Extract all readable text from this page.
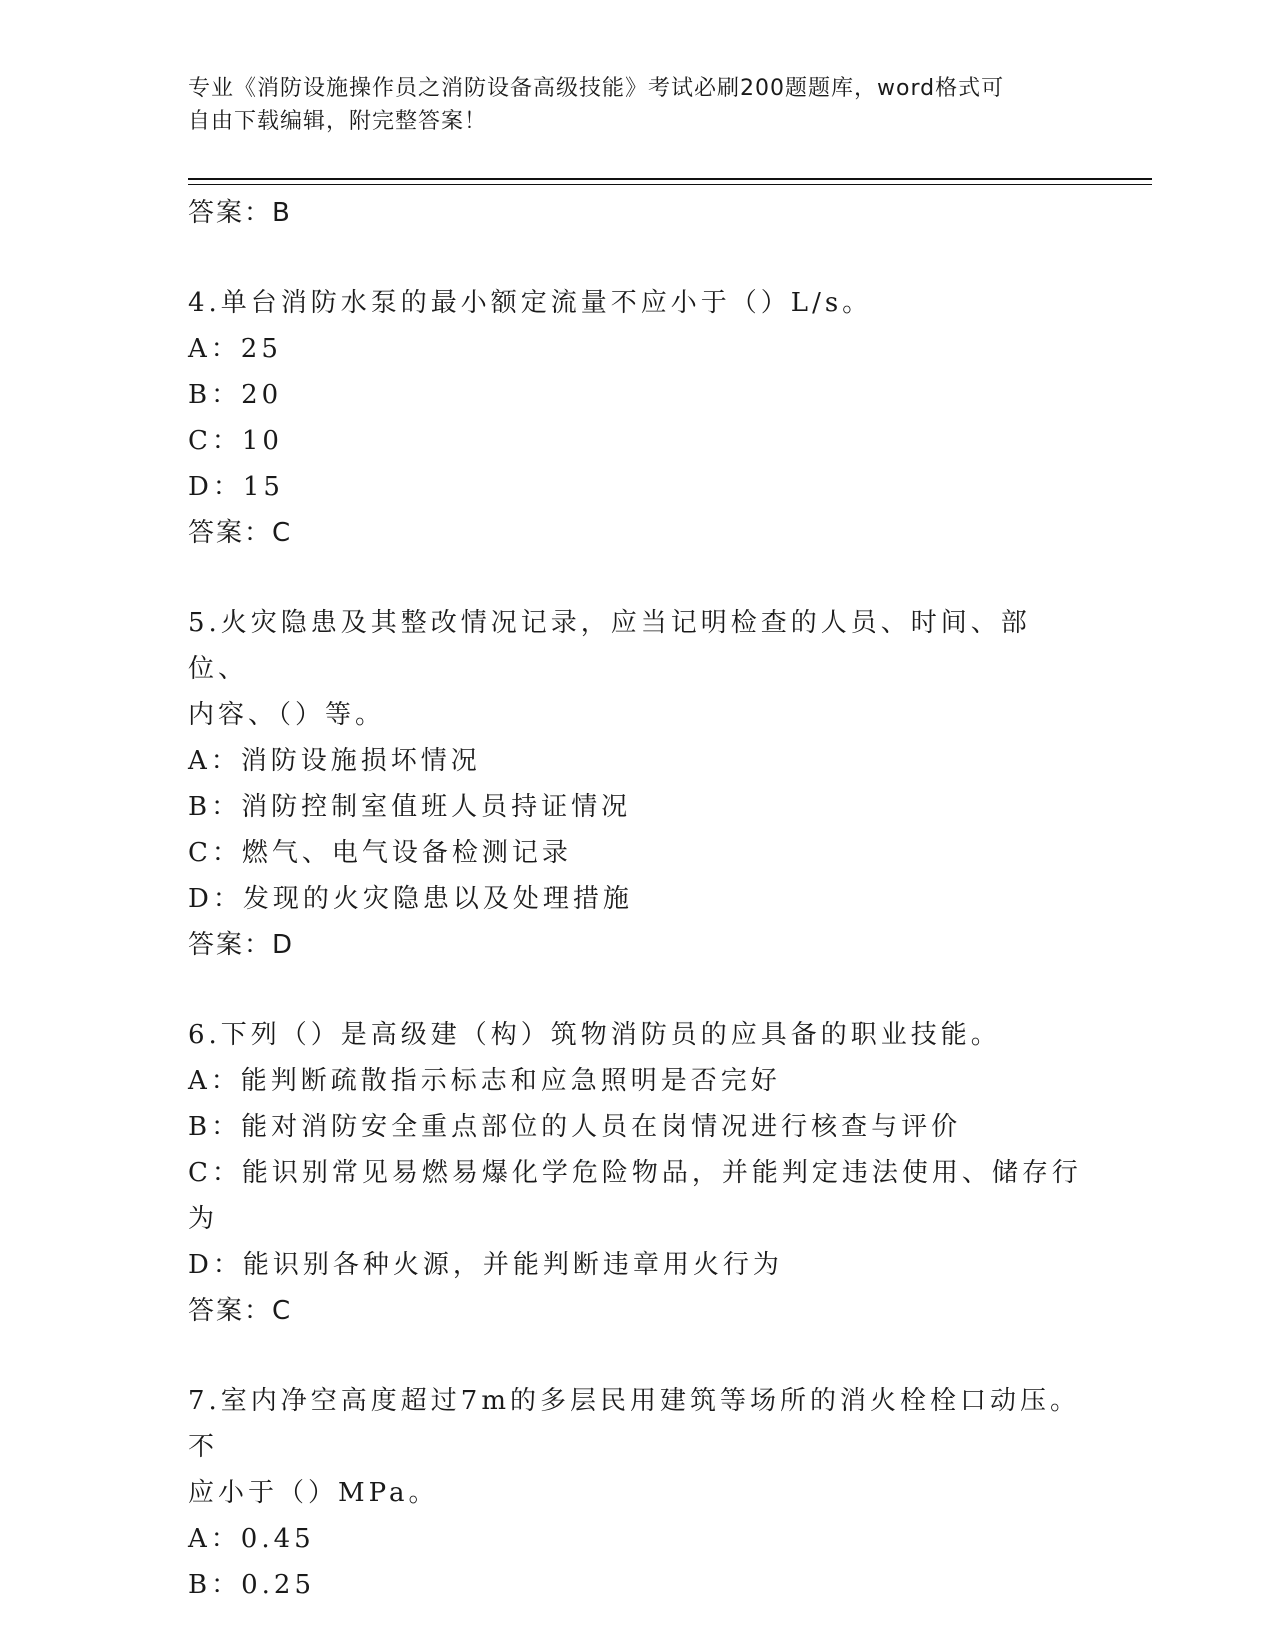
专业《消防设施操作员之消防设备高级技能》考试必刷200题题库，word格式可
自由下载编辑，附完整答案！
答案：B
4.单台消防水泵的最小额定流量不应小于（）L/s。
A：25
B：20
C：10
D：15
答案：C
5.火灾隐患及其整改情况记录，应当记明检查的人员、时间、部位、
内容、（）等。
A：消防设施损坏情况
B：消防控制室值班人员持证情况
C：燃气、电气设备检测记录
D：发现的火灾隐患以及处理措施
答案：D
6.下列（）是高级建（构）筑物消防员的应具备的职业技能。
A：能判断疏散指示标志和应急照明是否完好
B：能对消防安全重点部位的人员在岗情况进行核查与评价
C：能识别常见易燃易爆化学危险物品，并能判定违法使用、储存行为
D：能识别各种火源，并能判断违章用火行为
答案：C
7.室内净空高度超过7m的多层民用建筑等场所的消火栓栓口动压。不
应小于（）MPa。
A：0.45
B：0.25
